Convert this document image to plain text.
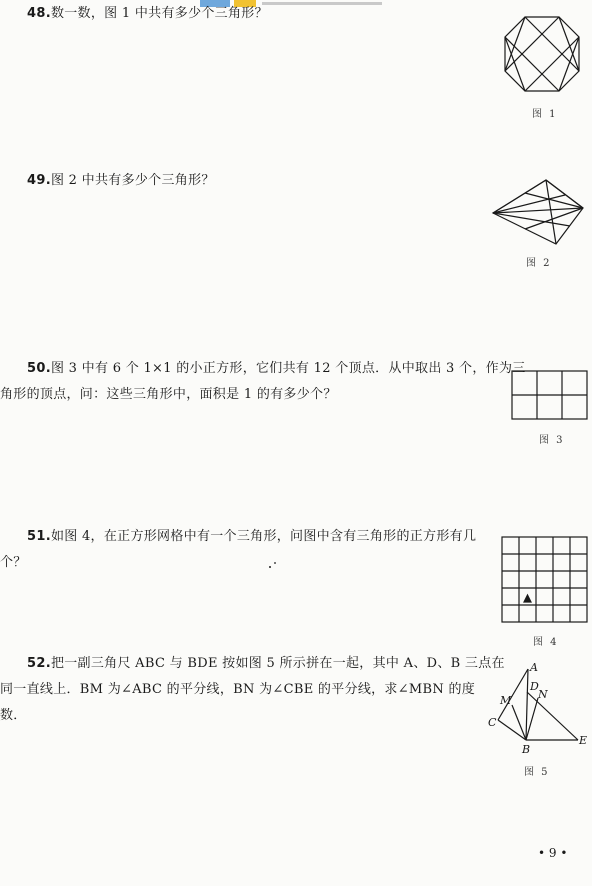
48.数一数，图 1 中共有多少个三角形？
图 1
49.图 2 中共有多少个三角形？
图 2
50.图 3 中有 6 个 1×1 的小正方形，它们共有 12 个顶点．从中取出 3 个，作为三
角形的顶点，问：这些三角形中，面积是 1 的有多少个？
图 3
51.如图 4，在正方形网格中有一个三角形，问图中含有三角形的正方形有几
个？
图 4
52.把一副三角尺 ABC 与 BDE 按如图 5 所示拼在一起，其中 A、D、B 三点在
同一直线上．BM 为∠ABC 的平分线，BN 为∠CBE 的平分线，求∠MBN 的度
数．
A
D
N
M
C
B
E
图 5
• 9 •
